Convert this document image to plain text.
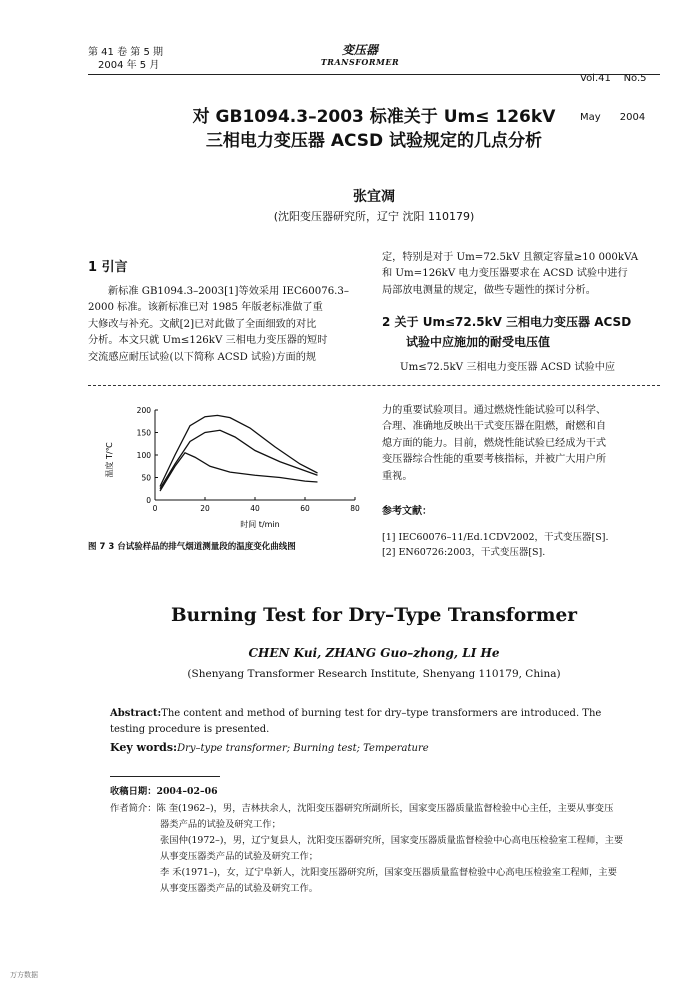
第 41 卷 第 5 期
2004 年 5 月
变压器
TRANSFORMER

Vol.41    No.5

May      2004

对 GB1094.3–2003 标准关于 Um≤ 126kV
三相电力变压器 ACSD 试验规定的几点分析
张宜凋
(沈阳变压器研究所，辽宁 沈阳 110179)
1 引言
新标准 GB1094.3–2003[1]等效采用 IEC60076.3–
2000 标准。该新标准已对 1985 年版老标准做了重
大修改与补充。文献[2]已对此做了全面细致的对比
分析。本文只就 Um≤126kV 三相电力变压器的短时
交流感应耐压试验(以下简称 ACSD 试验)方面的规
定，特别是对于 Um=72.5kV 且额定容量≥10 000kVA
和 Um=126kV 电力变压器要求在 ACSD 试验中进行
局部放电测量的规定，做些专题性的探讨分析。
2 关于 Um≤72.5kV 三相电力变压器 ACSD
试验中应施加的耐受电压值
Um≤72.5kV 三相电力变压器 ACSD 试验中应
0	20	40	60	80
0
50
100
150
200
时间 t/min
温度 T/℃
图 7 3 台试验样品的排气烟道测量段的温度变化曲线图
力的重要试验项目。通过燃烧性能试验可以科学、
合理、准确地反映出干式变压器在阻燃，耐燃和自
熄方面的能力。目前，燃烧性能试验已经成为干式
变压器综合性能的重要考核指标，并被广大用户所
重视。
参考文献：
[1] IEC60076–11/Ed.1CDV2002，干式变压器[S].
[2] EN60726:2003，干式变压器[S].
Burning Test for Dry–Type Transformer
CHEN Kui, ZHANG Guo–zhong, LI He
(Shenyang Transformer Research Institute, Shenyang 110179, China)
Abstract:The content and method of burning test for dry–type transformers are introduced. The
testing procedure is presented.
Key words:Dry–type transformer; Burning test; Temperature
收稿日期：2004–02–06
作者简介：陈 奎(1962–)，男，吉林扶余人，沈阳变压器研究所副所长，国家变压器质量监督检验中心主任，主要从事变压
器类产品的试验及研究工作；
张国仲(1972–)，男，辽宁复县人，沈阳变压器研究所，国家变压器质量监督检验中心高电压检验室工程师，主要
从事变压器类产品的试验及研究工作；
李 禾(1971–)，女，辽宁阜新人，沈阳变压器研究所，国家变压器质量监督检验中心高电压检验室工程师，主要
从事变压器类产品的试验及研究工作。
万方数据
